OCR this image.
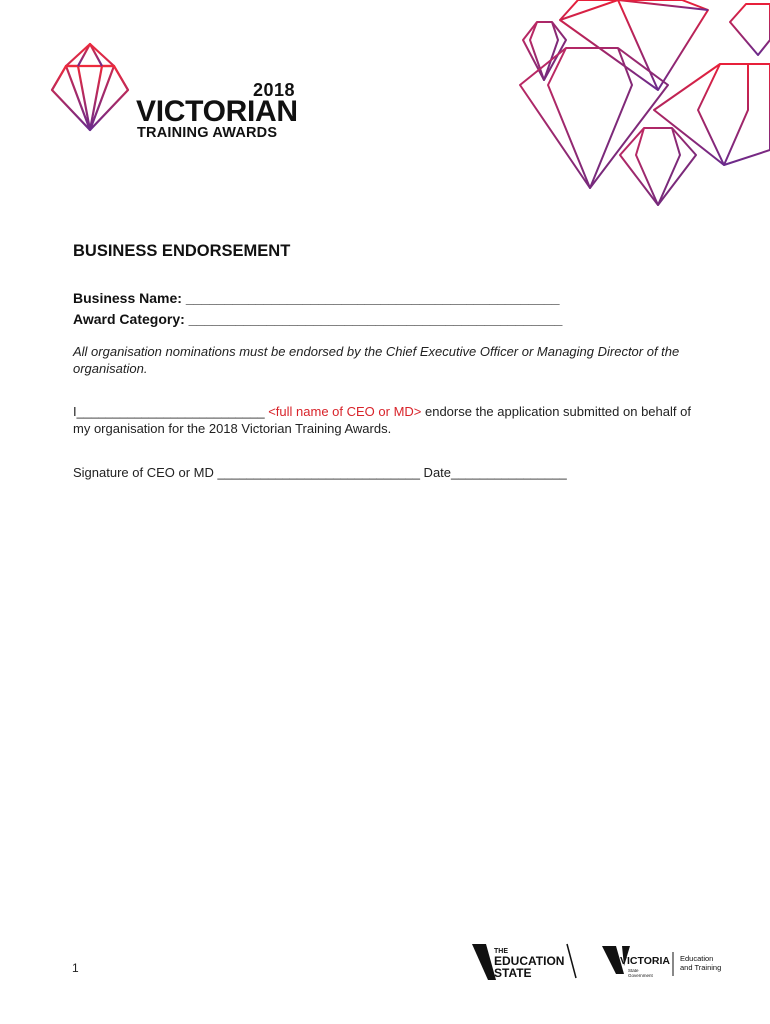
2018
VICTORIAN
TRAINING AWARDS
BUSINESS ENDORSEMENT
Business Name: ________________________________________________
Award Category: ________________________________________________
All organisation nominations must be endorsed by the Chief Executive Officer or Managing Director of the organisation.
I__________________________ <full name of CEO or MD> endorse the application submitted on behalf of my organisation for the 2018 Victorian Training Awards.
Signature of CEO or MD ____________________________ Date________________
1
THE
EDUCATION
STATE
VICTORIA
State
Government
Education
and Training
